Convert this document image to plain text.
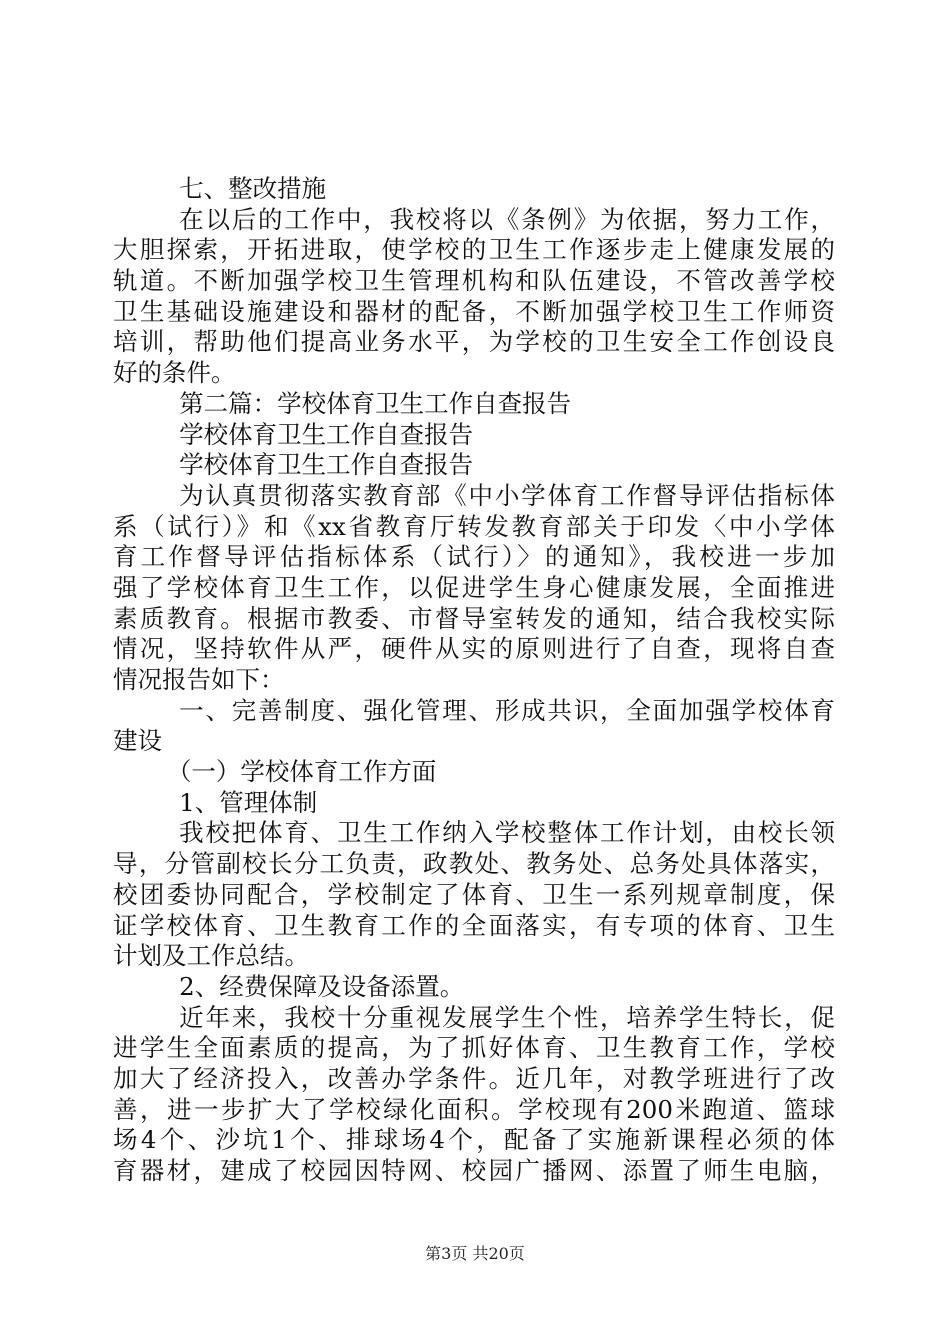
七、整改措施
在以后的工作中，我校将以《条例》为依据，努力工作，
大胆探索，开拓进取，使学校的卫生工作逐步走上健康发展的
轨道。不断加强学校卫生管理机构和队伍建设，不管改善学校
卫生基础设施建设和器材的配备，不断加强学校卫生工作师资
培训，帮助他们提高业务水平，为学校的卫生安全工作创设良
好的条件。
第二篇：学校体育卫生工作自查报告
学校体育卫生工作自查报告
学校体育卫生工作自查报告
为认真贯彻落实教育部《中小学体育工作督导评估指标体
系（试行）》和《xx省教育厅转发教育部关于印发〈中小学体
育工作督导评估指标体系（试行）〉的通知》，我校进一步加
强了学校体育卫生工作，以促进学生身心健康发展，全面推进
素质教育。根据市教委、市督导室转发的通知，结合我校实际
情况，坚持软件从严，硬件从实的原则进行了自查，现将自查
情况报告如下：
一、完善制度、强化管理、形成共识，全面加强学校体育
建设
（一）学校体育工作方面
1、管理体制
我校把体育、卫生工作纳入学校整体工作计划，由校长领
导，分管副校长分工负责，政教处、教务处、总务处具体落实，
校团委协同配合，学校制定了体育、卫生一系列规章制度，保
证学校体育、卫生教育工作的全面落实，有专项的体育、卫生
计划及工作总结。
2、经费保障及设备添置。
近年来，我校十分重视发展学生个性，培养学生特长，促
进学生全面素质的提高，为了抓好体育、卫生教育工作，学校
加大了经济投入，改善办学条件。近几年，对教学班进行了改
善，进一步扩大了学校绿化面积。学校现有200米跑道、篮球
场4个、沙坑1个、排球场4个，配备了实施新课程必须的体
育器材，建成了校园因特网、校园广播网、添置了师生电脑，
第3页 共20页
